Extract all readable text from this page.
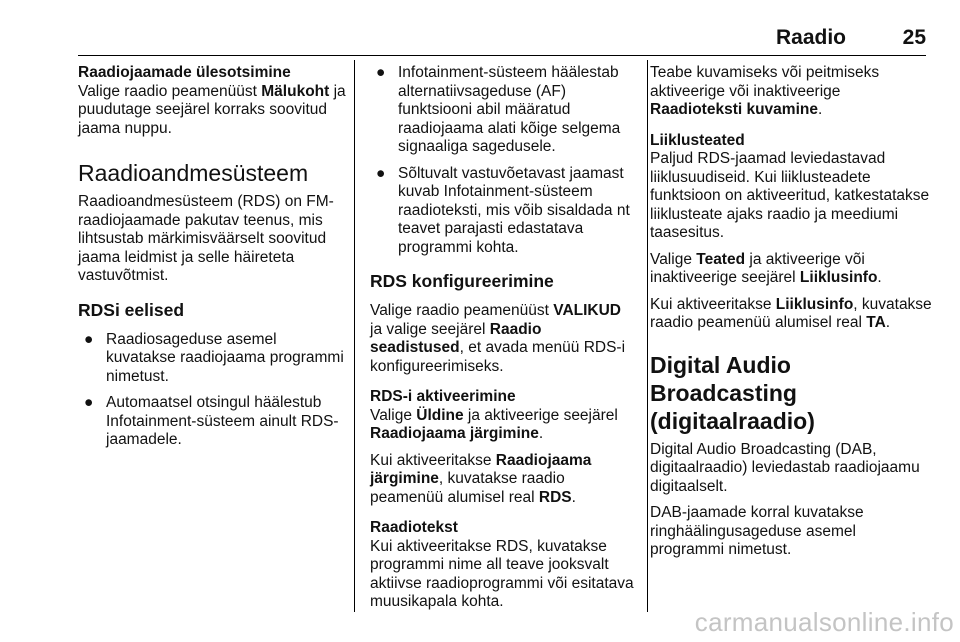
Raadio	25
Raadiojaamade ülesotsimine

Valige raadio peamenüüst Mälukoht ja puudutage seejärel korraks soovitud jaama nuppu.

Raadioandmesüsteem

Raadioandmesüsteem (RDS) on FM-raadiojaamade pakutav teenus, mis lihtsustab märkimisväärselt soovitud jaama leidmist ja selle häireteta vastuvõtmist.

RDSi eelised
● Raadiosageduse asemel kuvatakse raadiojaama programmi nimetust.
● Automaatsel otsingul häälestub Infotainment-süsteem ainult RDS-jaamadele.
● Infotainment-süsteem häälestab alternatiivsageduse (AF) funktsiooni abil määratud raadiojaama alati kõige selgema signaaliga sagedusele.
● Sõltuvalt vastuvõetavast jaamast kuvab Infotainment-süsteem raadioteksti, mis võib sisaldada nt teavet parajasti edastatava programmi kohta.
RDS konfigureerimine

Valige raadio peamenüüst VALIKUD ja valige seejärel Raadio seadistused, et avada menüü RDS-i konfigureerimiseks.

RDS-i aktiveerimine

Valige Üldine ja aktiveerige seejärel Raadiojaama järgimine.

Kui aktiveeritakse Raadiojaama järgimine, kuvatakse raadio peamenüü alumisel real RDS.

Raadiotekst

Kui aktiveeritakse RDS, kuvatakse programmi nime all teave jooksvalt aktiivse raadioprogrammi või esitatava muusikapala kohta.

Teabe kuvamiseks või peitmiseks aktiveerige või inaktiveerige Raadioteksti kuvamine.

Liiklusteated

Paljud RDS-jaamad leviedastavad liiklusuudiseid. Kui liiklusteadete funktsioon on aktiveeritud, katkestatakse liiklusteate ajaks raadio ja meediumi taasesitus.

Valige Teated ja aktiveerige või inaktiveerige seejärel Liiklusinfo.

Kui aktiveeritakse Liiklusinfo, kuvatakse raadio peamenüü alumisel real TA.

Digital Audio Broadcasting (digitaalraadio)

Digital Audio Broadcasting (DAB, digitaalraadio) leviedastab raadiojaamu digitaalselt.

DAB-jaamade korral kuvatakse ringhäälingusageduse asemel programmi nimetust.

carmanualsonline.info
